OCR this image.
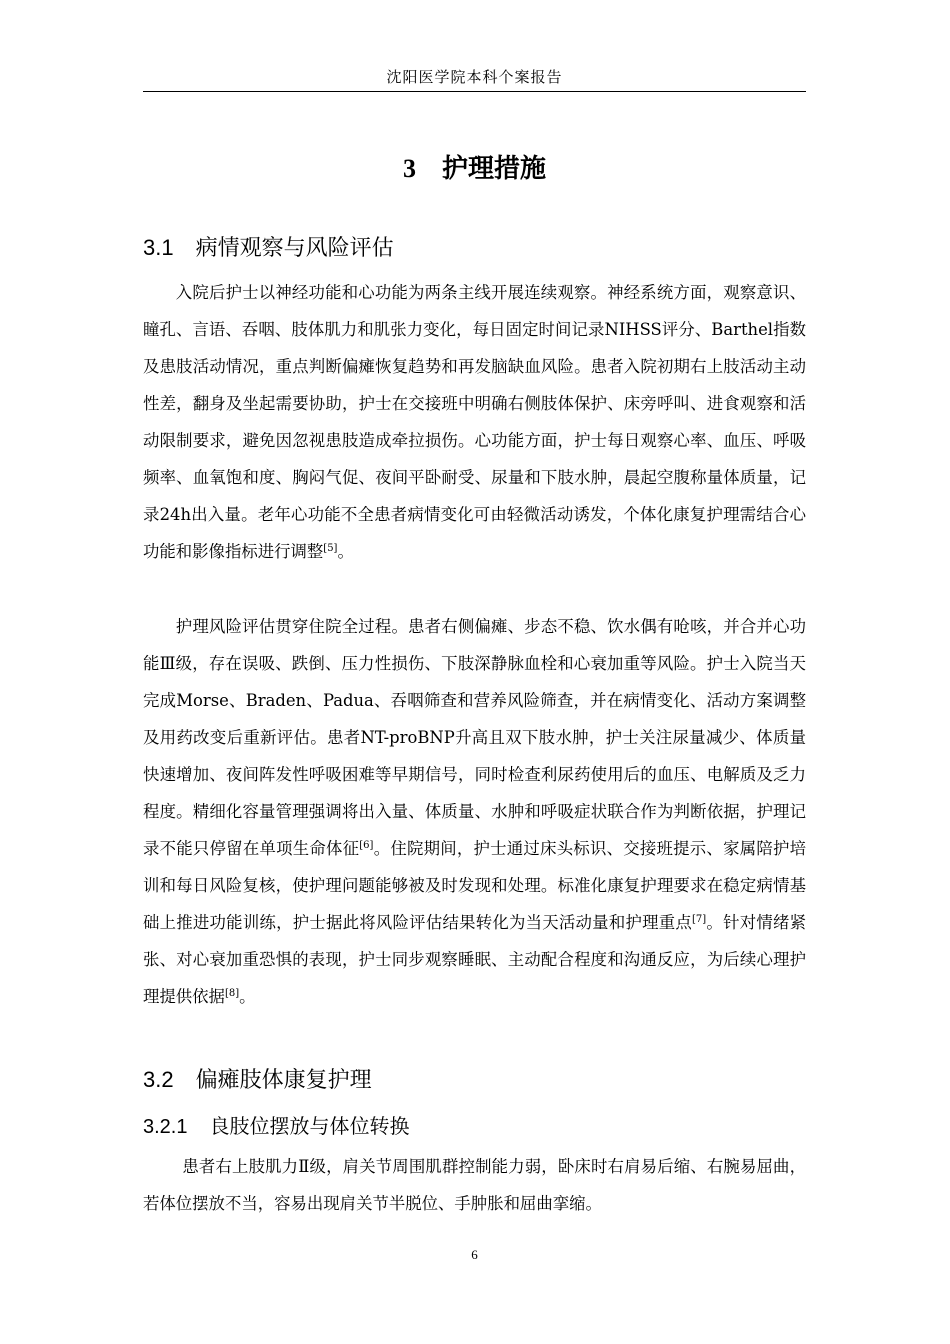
沈阳医学院本科个案报告
3 护理措施
3.1 病情观察与风险评估

入院后护士以神经功能和心功能为两条主线开展连续观察。神经系统方面，观察意识、瞳孔、言语、吞咽、肢体肌力和肌张力变化，每日固定时间记录NIHSS评分、Barthel指数及患肢活动情况，重点判断偏瘫恢复趋势和再发脑缺血风险。患者入院初期右上肢活动主动性差，翻身及坐起需要协助，护士在交接班中明确右侧肢体保护、床旁呼叫、进食观察和活动限制要求，避免因忽视患肢造成牵拉损伤。心功能方面，护士每日观察心率、血压、呼吸频率、血氧饱和度、胸闷气促、夜间平卧耐受、尿量和下肢水肿，晨起空腹称量体质量，记录24h出入量。老年心功能不全患者病情变化可由轻微活动诱发，个体化康复护理需结合心功能和影像指标进行调整[5]。

护理风险评估贯穿住院全过程。患者右侧偏瘫、步态不稳、饮水偶有呛咳，并合并心功能Ⅲ级，存在误吸、跌倒、压力性损伤、下肢深静脉血栓和心衰加重等风险。护士入院当天完成Morse、Braden、Padua、吞咽筛查和营养风险筛查，并在病情变化、活动方案调整及用药改变后重新评估。患者NT-proBNP升高且双下肢水肿，护士关注尿量减少、体质量快速增加、夜间阵发性呼吸困难等早期信号，同时检查利尿药使用后的血压、电解质及乏力程度。精细化容量管理强调将出入量、体质量、水肿和呼吸症状联合作为判断依据，护理记录不能只停留在单项生命体征[6]。住院期间，护士通过床头标识、交接班提示、家属陪护培训和每日风险复核，使护理问题能够被及时发现和处理。标准化康复护理要求在稳定病情基础上推进功能训练，护士据此将风险评估结果转化为当天活动量和护理重点[7]。针对情绪紧张、对心衰加重恐惧的表现，护士同步观察睡眠、主动配合程度和沟通反应，为后续心理护理提供依据[8]。

3.2 偏瘫肢体康复护理
3.2.1 良肢位摆放与体位转换

患者右上肢肌力Ⅱ级，肩关节周围肌群控制能力弱，卧床时右肩易后缩、右腕易屈曲，若体位摆放不当，容易出现肩关节半脱位、手肿胀和屈曲挛缩。

6
